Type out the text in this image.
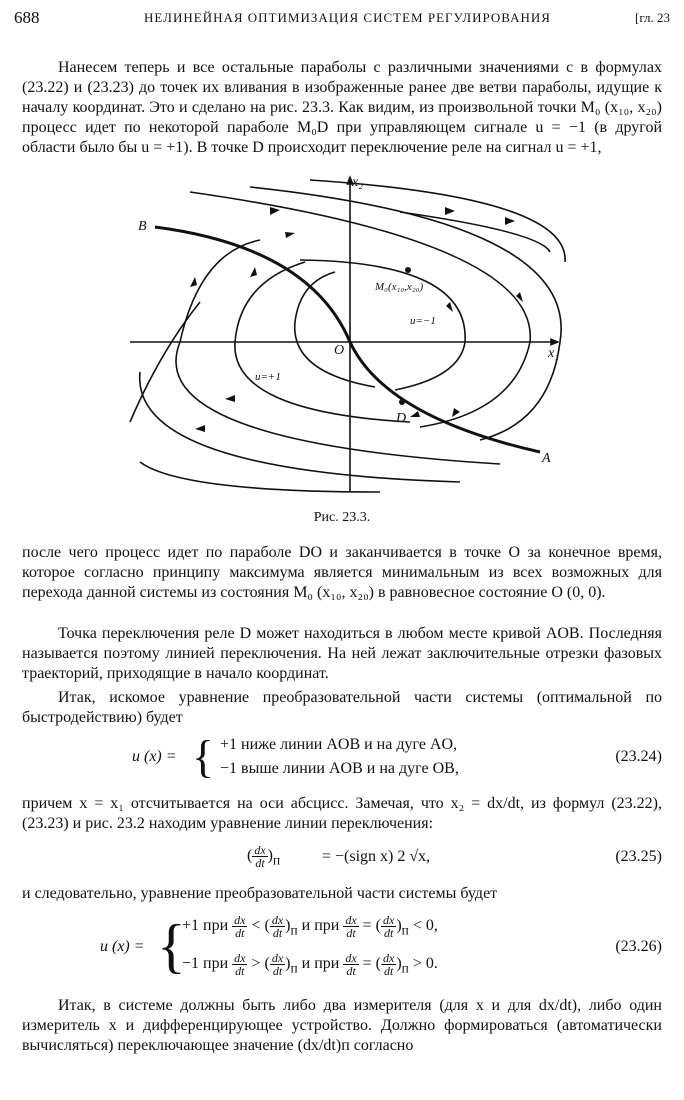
688	НЕЛИНЕЙНАЯ ОПТИМИЗАЦИЯ СИСТЕМ РЕГУЛИРОВАНИЯ	[гл. 23
Нанесем теперь и все остальные параболы с различными значениями c в формулах (23.22) и (23.23) до точек их вливания в изображенные ранее две ветви параболы, идущие к началу координат. Это и сделано на рис. 23.3. Как видим, из произвольной точки M₀ (x₁₀, x₂₀) процесс идет по некоторой параболе M₀D при управляющем сигнале u = −1 (в другой области было бы u = +1). В точке D происходит переключение реле на сигнал u = +1,
x₂
x₁
O
A
B
D
M₀(x₁₀,x₂₀)
u=−1
u=+1
Рис. 23.3.
после чего процесс идет по параболе DO и заканчивается в точке O за конечное время, которое согласно принципу максимума является минимальным из всех возможных для перехода данной системы из состояния M₀ (x₁₀, x₂₀) в равновесное состояние O (0, 0).
Точка переключения реле D может находиться в любом месте кривой AOB. Последняя называется поэтому линией переключения. На ней лежат заключительные отрезки фазовых траекторий, приходящие в начало координат.
Итак, искомое уравнение преобразовательной части системы (оптимальной по быстродействию) будет
u (x) = { +1 ниже линии AOB и на дуге AO,
−1 выше линии AOB и на дуге OB,
(23.24)
причем x = x₁ отсчитывается на оси абсцисс. Замечая, что x₂ = dx/dt, из формул (23.22), (23.23) и рис. 23.2 находим уравнение линии переключения:
( $\frac{dx}{dt} )_п$	= −(sign x) 2 √x,	(23.25)
и следовательно, уравнение преобразовательной части системы будет
u (x) = {
+1 при $\frac{dx}{dt}$ < ( $\frac{dx}{dt} )_п$ и при $\frac{dx}{dt}$ = ( $\frac{dx}{dt} )_п < 0$,
−1 при $\frac{dx}{dt}$ > ( $\frac{dx}{dt} )_п$ и при $\frac{dx}{dt}$ = ( $\frac{dx}{dt} )_п > 0$.
(23.26)
Итак, в системе должны быть либо два измерителя (для x и для dx/dt), либо один измеритель x и дифференцирующее устройство. Должно формироваться (автоматически вычисляться) переключающее значение (dx/dt)п согласно
